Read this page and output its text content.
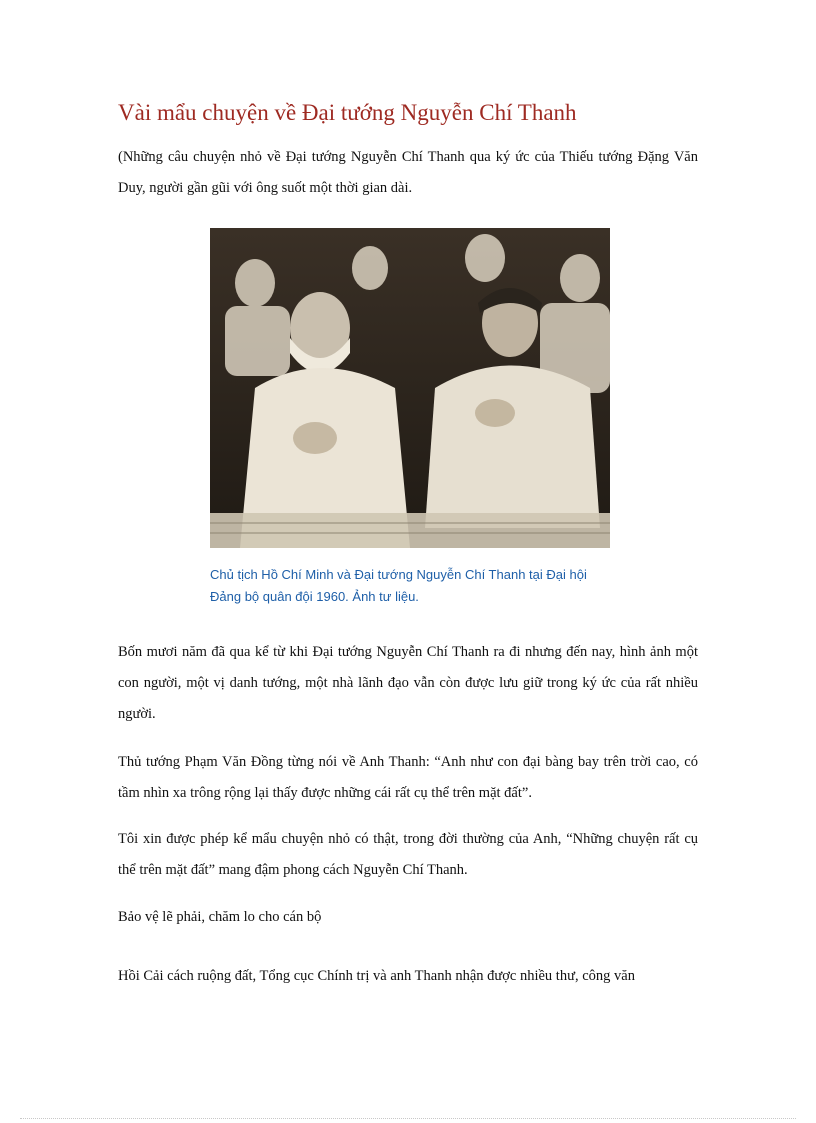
Vài mẩu chuyện về Đại tướng Nguyễn Chí Thanh

(Những câu chuyện nhỏ về Đại tướng Nguyễn Chí Thanh qua ký ức của Thiếu tướng Đặng Văn Duy, người gần gũi với ông suốt một thời gian dài.

Chủ tịch Hồ Chí Minh và Đại tướng Nguyễn Chí Thanh tại Đại hội Đảng bộ quân đội 1960. Ảnh tư liệu.

Bốn mươi năm đã qua kể từ khi Đại tướng Nguyễn Chí Thanh ra đi nhưng đến nay, hình ảnh một con người, một vị danh tướng, một nhà lãnh đạo vẫn còn được lưu giữ trong ký ức của rất nhiều người.

Thủ tướng Phạm Văn Đồng từng nói về Anh Thanh: “Anh như con đại bàng bay trên trời cao, có tầm nhìn xa trông rộng lại thấy được những cái rất cụ thể trên mặt đất”.

Tôi xin được phép kể mẩu chuyện nhỏ có thật, trong đời thường của Anh, “Những chuyện rất cụ thể trên mặt đất” mang đậm phong cách Nguyễn Chí Thanh.

Bảo vệ lẽ phải, chăm lo cho cán bộ

Hồi Cải cách ruộng đất, Tổng cục Chính trị và anh Thanh nhận được nhiều thư, công văn
